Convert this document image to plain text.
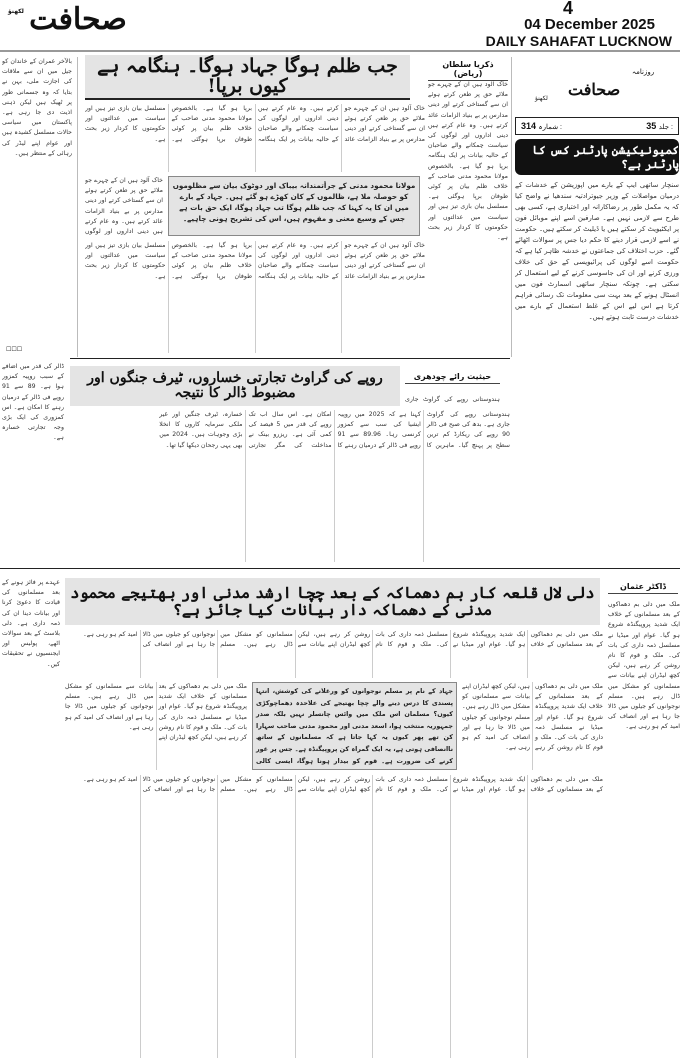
صحافت
لکھنؤ	4
04 December 2025
DAILY SAHAFAT LUCKNOW
بالآخر عمران کے خاندان کو جیل میں ان سے ملاقات کی اجازت ملی، بہن نے بتایا کہ وہ جسمانی طور پر ٹھیک ہیں لیکن ذہنی اذیت دی جا رہی ہے۔ پاکستان میں سیاسی حالات مسلسل کشیدہ ہیں اور عوام اپنے لیڈر کی رہائی کے منتظر ہیں۔
☐☐☐
ڈالر کی قدر میں اضافے کے سبب روپیہ کمزور ہوا ہے۔ 89 سے 91 روپے فی ڈالر کے درمیان رہنے کا امکان ہے۔ اس کمزوری کی ایک بڑی وجہ تجارتی خسارہ ہے۔
عہدے پر فائز ہونے کے بعد مسلمانوں کی قیادت کا دعویٰ کرنا اور بیانات دینا ان کی ذمہ داری ہے۔ دلی بلاسٹ کے بعد سوالات اٹھے، پولیس اور ایجنسیوں نے تحقیقات کیں۔
جب ظلم ہوگا جہاد ہوگا۔ ہنگامہ ہے کیوں برپا!
خاک آلود ہیں ان کے چہرے جو ملائے حق پر طعن کرتے ہوئے ان سے گستاخی کرتے اور دینی مدارس پر بے بنیاد الزامات عائد کرتے ہیں۔ وہ عام کرتے ہیں دینی اداروں اور لوگوں کی سیاست چمکانے والے صاحبان کے حالیہ بیانات پر ایک ہنگامہ برپا ہو گیا ہے۔ بالخصوص مولانا محمود مدنی صاحب کے خلاف ظلم بیان پر کوئی طوفان برپا ہوگئی ہے۔ مسلسل بیان بازی تیز ہیں اور سیاست میں عدالتوں اور حکومتوں کا کردار زیر بحث ہے۔
خاک آلود ہیں ان کے چہرے جو ملائے حق پر طعن کرتے ہوئے ان سے گستاخی کرتے اور دینی مدارس پر بے بنیاد الزامات عائد کرتے ہیں۔ وہ عام کرتے ہیں دینی اداروں اور لوگوں
مولانا محمود مدنی کے جرأتمندانہ بیباک اور دوٹوک بیان سے مظلوموں کو حوصلہ ملا ہے، ظالموں کے کان کھڑے ہو گئے ہیں۔ جہاد کے بارے میں ان کا یہ کہنا کہ جب ظلم ہوگا تب جہاد ہوگا، ایک حق بات ہے جس کے وسیع معنی و مفہوم ہیں، اس کی تشریح ہونی چاہیے۔
خاک آلود ہیں ان کے چہرے جو ملائے حق پر طعن کرتے ہوئے ان سے گستاخی کرتے اور دینی مدارس پر بے بنیاد الزامات عائد کرتے ہیں۔ وہ عام کرتے ہیں دینی اداروں اور لوگوں کی سیاست چمکانے والے صاحبان کے حالیہ بیانات پر ایک ہنگامہ برپا ہو گیا ہے۔ بالخصوص مولانا محمود مدنی صاحب کے خلاف ظلم بیان پر کوئی طوفان برپا ہوگئی ہے۔ مسلسل بیان بازی تیز ہیں اور سیاست میں عدالتوں اور حکومتوں کا کردار زیر بحث ہے۔
ذکریا سلطان (ریاض)
خاک آلود ہیں ان کے چہرے جو ملائے حق پر طعن کرتے ہوئے ان سے گستاخی کرتے اور دینی مدارس پر بے بنیاد الزامات عائد کرتے ہیں۔ وہ عام کرتے ہیں دینی اداروں اور لوگوں کی سیاست چمکانے والے صاحبان کے حالیہ بیانات پر ایک ہنگامہ برپا ہو گیا ہے۔ بالخصوص مولانا محمود مدنی صاحب کے خلاف ظلم بیان پر کوئی طوفان برپا ہوگئی ہے۔ مسلسل بیان بازی تیز ہیں اور سیاست میں عدالتوں اور حکومتوں کا کردار زیر بحث ہے۔
روزنامہ
صحافت
لکھنؤ
314 شمارہ :	35 جلد :
کمیونیکیشن پارٹنر کس کا پارٹنر ہے؟
سنچار ساتھی ایپ کے بارے میں اپوزیشن کے خدشات کے درمیان مواصلات کے وزیر جیوترادتیہ سندھیا نے واضح کیا کہ یہ مکمل طور پر رضاکارانہ اور اختیاری ہے، کسی بھی طرح سے لازمی نہیں ہے۔ صارفین اسے اپنے موبائل فون پر ایکٹیویٹ کر سکتے ہیں یا ڈیلیٹ کر سکتے ہیں۔ حکومت نے اسے لازمی قرار دینے کا حکم دیا جس پر سوالات اٹھائے گئے۔ حزب اختلاف کی جماعتوں نے خدشہ ظاہر کیا ہے کہ حکومت اسے لوگوں کی پرائیویسی کے حق کی خلاف ورزی کرنے اور ان کی جاسوسی کرنے کے لیے استعمال کر سکتی ہے۔ چونکہ سنچار ساتھی اسمارٹ فون میں انسٹال ہونے کے بعد بہت سی معلومات تک رسائی فراہم کرتا ہے اس لیے اس کے غلط استعمال کے بارے میں خدشات درست ثابت ہوتے ہیں۔
روپے کی گراوٹ تجارتی خساروں، ٹیرف جنگوں اور مضبوط ڈالر کا نتیجہ
حیثیت رائے چودھری
ہندوستانی روپے کی گراوٹ جاری
ہندوستانی روپے کی گراوٹ جاری ہے۔ بدھ کی صبح فی ڈالر 90 روپے کی ریکارڈ کم ترین سطح پر پہنچ گیا۔ ماہرین کا کہنا ہے کہ 2025 میں روپیہ ایشیا کی سب سے کمزور کرنسی رہا۔ 89.96 سے 91 روپے فی ڈالر کے درمیان رہنے کا امکان ہے۔ اس سال اب تک روپے کی قدر میں 5 فیصد کی کمی آئی ہے۔ ریزرو بینک نے مداخلت کی مگر تجارتی خسارہ، ٹیرف جنگیں اور غیر ملکی سرمایہ کاروں کا انخلا بڑی وجوہات ہیں۔ 2024 میں بھی یہی رجحان دیکھا گیا تھا۔
دلی لال قلعہ کار بم دھماکہ کے بعد چچا ارشد مدنی اور بھتیجے محمود مدنی کے دھماکہ دار بیانات کیا جائز ہے؟
ڈاکٹر عثمان
ملک میں دلی بم دھماکوں کے بعد مسلمانوں کے خلاف ایک شدید پروپیگنڈہ شروع ہو گیا۔ عوام اور میڈیا نے مسلسل ذمہ داری کی بات کی۔ ملک و قوم کا نام روشن کر رہے ہیں، لیکن کچھ لیڈران اپنے بیانات سے مسلمانوں کو مشکل میں ڈال رہے ہیں۔ مسلم نوجوانوں کو جیلوں میں ڈالا جا رہا ہے اور انصاف کی امید کم ہو رہی ہے۔
ملک میں دلی بم دھماکوں کے بعد مسلمانوں کے خلاف ایک شدید پروپیگنڈہ شروع ہو گیا۔ عوام اور میڈیا نے مسلسل ذمہ داری کی بات کی۔ ملک و قوم کا نام روشن کر رہے ہیں، لیکن کچھ لیڈران اپنے بیانات سے مسلمانوں کو مشکل میں ڈال رہے ہیں۔ مسلم نوجوانوں کو جیلوں میں ڈالا جا رہا ہے اور انصاف کی امید کم ہو رہی ہے۔
ملک میں دلی بم دھماکوں کے بعد مسلمانوں کے خلاف ایک شدید پروپیگنڈہ شروع ہو گیا۔ عوام اور میڈیا نے مسلسل ذمہ داری کی بات کی۔ ملک و قوم کا نام روشن کر رہے ہیں، لیکن کچھ لیڈران اپنے بیانات سے مسلمانوں کو مشکل میں ڈال رہے ہیں۔ مسلم نوجوانوں کو جیلوں میں ڈالا جا رہا ہے اور انصاف کی امید کم ہو رہی ہے۔
جہاد کے نام پر مسلم نوجوانوں کو ورغلانے کی کوشش، انتہا پسندی کا درس دینے والے چچا بھتیجے کی علاحدہ دھماچوکڑی کیوں؟ مسلمان اس ملک میں وائس چانسلر نہیں بلکہ صدر جمہوریہ منتخب ہوا، اسعد مدنی اور محمود مدنی صاحب سہارا کن تھے پھر کیوں یہ کہا جاتا ہے کہ مسلمانوں کے ساتھ ناانصافی ہوتی ہے، یہ ایک گمراہ کن پروپیگنڈہ ہے۔ جس پر غور کرنے کی ضرورت ہے۔ قوم کو بیدار ہونا ہوگا، ایسی کالی
ملک میں دلی بم دھماکوں کے بعد مسلمانوں کے خلاف ایک شدید پروپیگنڈہ شروع ہو گیا۔ عوام اور میڈیا نے مسلسل ذمہ داری کی بات کی۔ ملک و قوم کا نام روشن کر رہے ہیں، لیکن کچھ لیڈران اپنے بیانات سے مسلمانوں کو مشکل میں ڈال رہے ہیں۔ مسلم نوجوانوں کو جیلوں میں ڈالا جا رہا ہے اور انصاف کی امید کم ہو رہی ہے۔
ملک میں دلی بم دھماکوں کے بعد مسلمانوں کے خلاف ایک شدید پروپیگنڈہ شروع ہو گیا۔ عوام اور میڈیا نے مسلسل ذمہ داری کی بات کی۔ ملک و قوم کا نام روشن کر رہے ہیں، لیکن کچھ لیڈران اپنے بیانات سے مسلمانوں کو مشکل میں ڈال رہے ہیں۔ مسلم نوجوانوں کو جیلوں میں ڈالا جا رہا ہے اور انصاف کی امید کم ہو رہی ہے۔
